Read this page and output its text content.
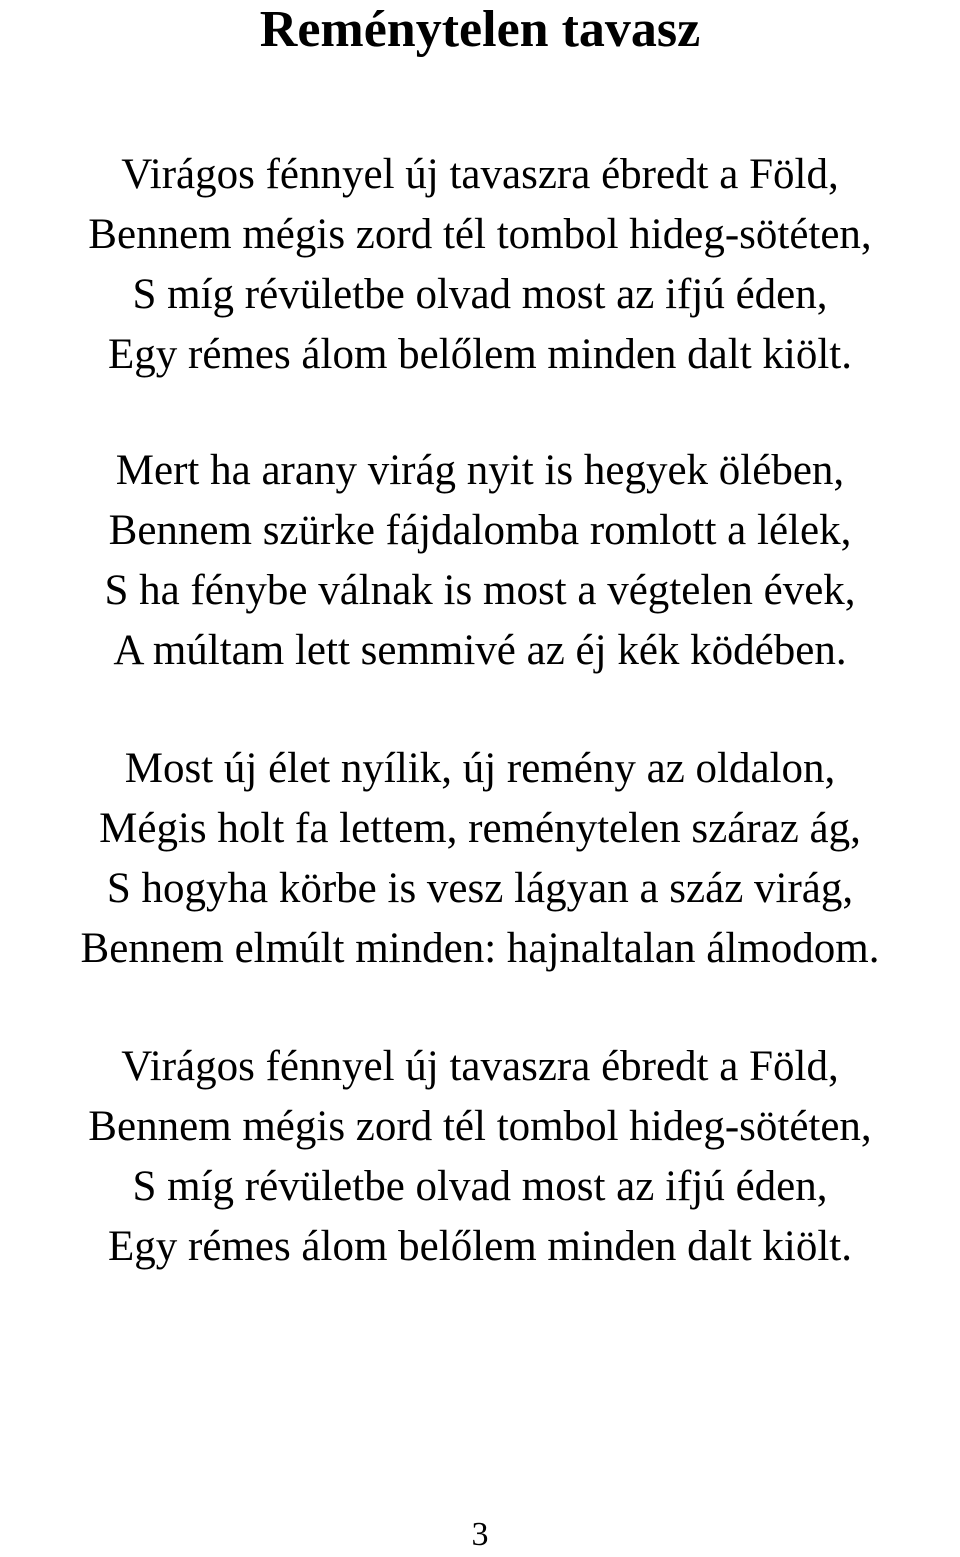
Reménytelen tavasz
Virágos fénnyel új tavaszra ébredt a Föld,
Bennem mégis zord tél tombol hideg-sötéten,
S míg révületbe olvad most az ifjú éden,
Egy rémes álom belőlem minden dalt kiölt.
Mert ha arany virág nyit is hegyek ölében,
Bennem szürke fájdalomba romlott a lélek,
S ha fénybe válnak is most a végtelen évek,
A múltam lett semmivé az éj kék ködében.
Most új élet nyílik, új remény az oldalon,
Mégis holt fa lettem, reménytelen száraz ág,
S hogyha körbe is vesz lágyan a száz virág,
Bennem elmúlt minden: hajnaltalan álmodom.
Virágos fénnyel új tavaszra ébredt a Föld,
Bennem mégis zord tél tombol hideg-sötéten,
S míg révületbe olvad most az ifjú éden,
Egy rémes álom belőlem minden dalt kiölt.
3
